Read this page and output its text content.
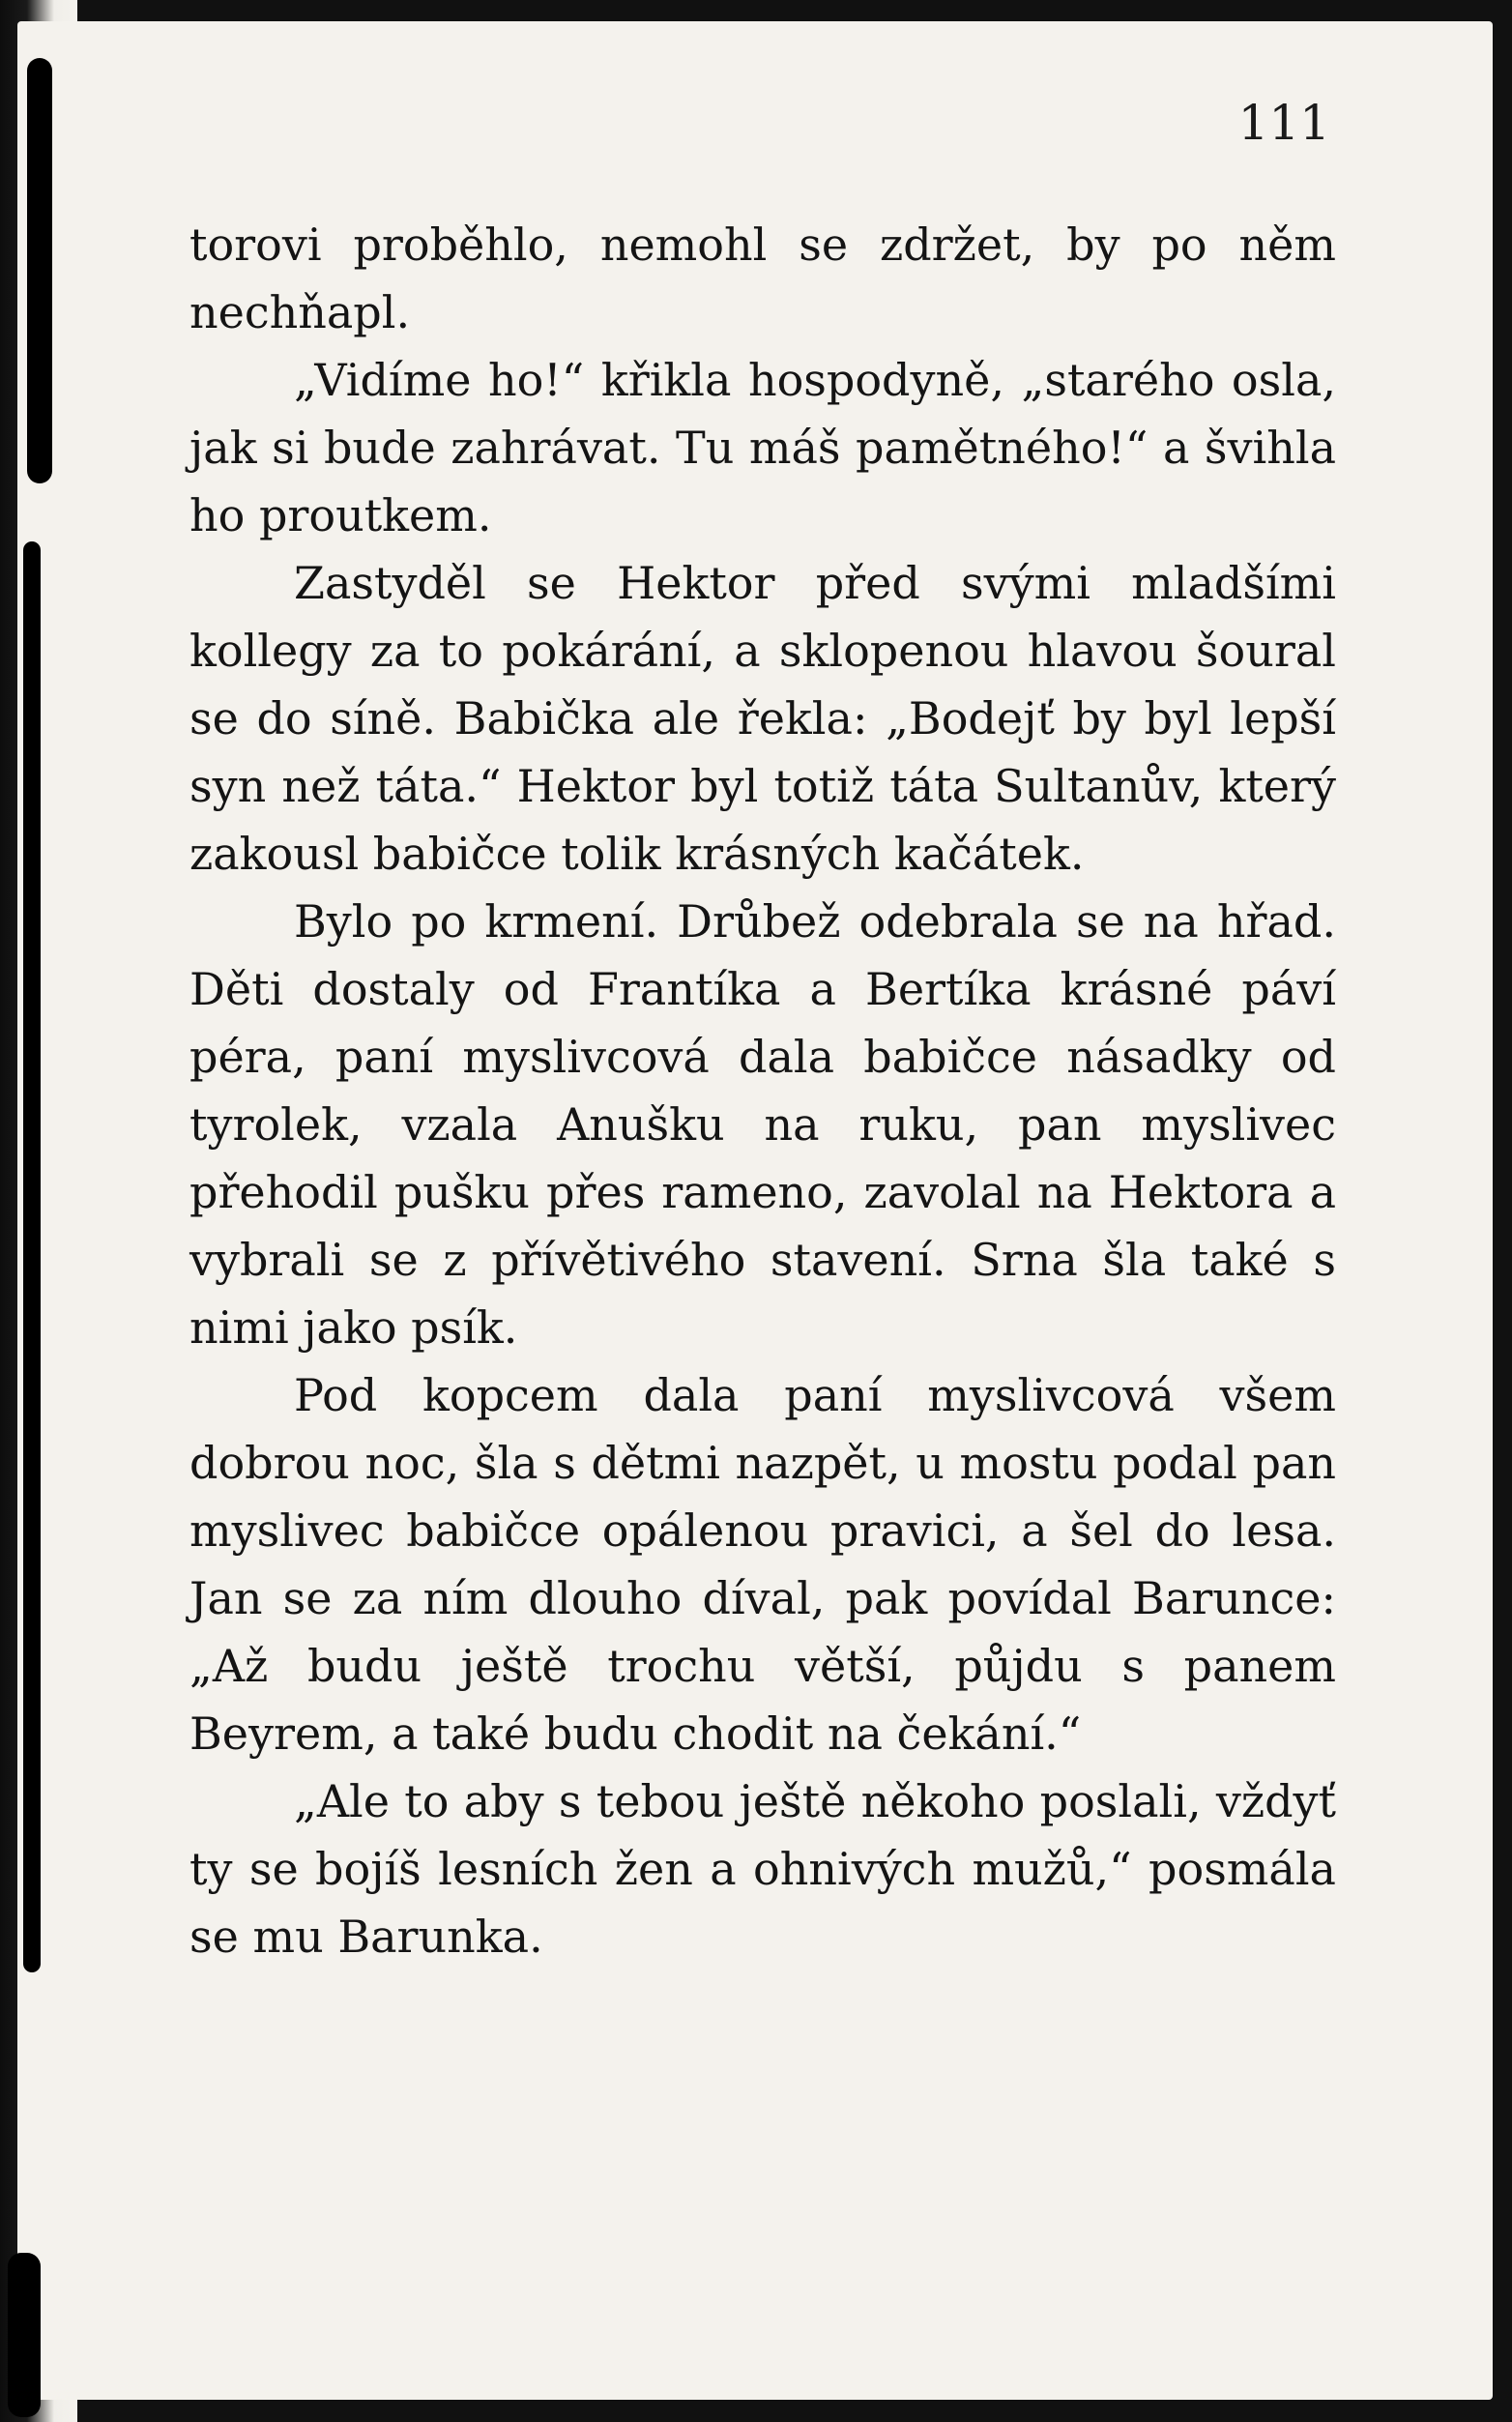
111

torovi proběhlo, nemohl se zdržet, by po něm nechňapl.

„Vidíme ho!“ křikla hospodyně, „starého osla, jak si bude zahrávat. Tu máš pamětného!“ a švihla ho proutkem.

Zastyděl se Hektor před svými mladšími kollegy za to pokárání, a sklopenou hlavou šoural se do síně. Babička ale řekla: „Bodejť by byl lepší syn než táta.“ Hektor byl totiž táta Sultanův, který zakousl babičce tolik krásných kačátek.

Bylo po krmení. Drůbež odebrala se na hřad. Děti dostaly od Frantíka a Bertíka krásné páví péra, paní myslivcová dala babičce násadky od tyrolek, vzala Anušku na ruku, pan myslivec přehodil pušku přes rameno, zavolal na Hektora a vybrali se z přívětivého stavení. Srna šla také s nimi jako psík.

Pod kopcem dala paní myslivcová všem dobrou noc, šla s dětmi nazpět, u mostu podal pan myslivec babičce opálenou pravici, a šel do lesa. Jan se za ním dlouho díval, pak povídal Barunce: „Až budu ještě trochu větší, půjdu s panem Beyrem, a také budu chodit na čekání.“

„Ale to aby s tebou ještě někoho poslali, vždyť ty se bojíš lesních žen a ohnivých mužů,“ posmála se mu Barunka.
